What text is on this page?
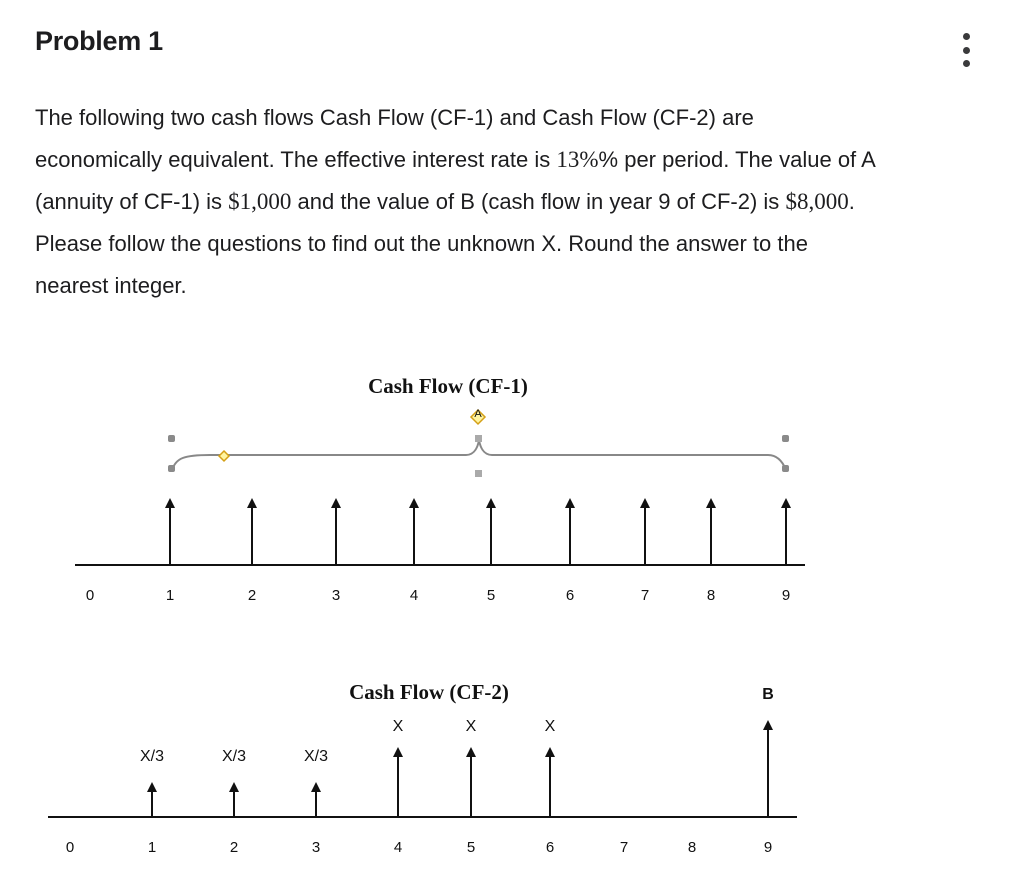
Problem 1
The following two cash flows Cash Flow (CF-1) and Cash Flow (CF-2) are
economically equivalent. The effective interest rate is 13%% per period. The value of A
(annuity of CF-1) is $1,000 and the value of B (cash flow in year 9 of CF-2) is $8,000.
Please follow the questions to find out the unknown X. Round the answer to the
nearest integer.
Cash Flow (CF-1)
A
0	1	2	3	4	5	6	7	8	9
Cash Flow (CF-2)
X/3	X/3	X/3
X	X	X
B
0	1	2	3	4	5	6	7	8	9
